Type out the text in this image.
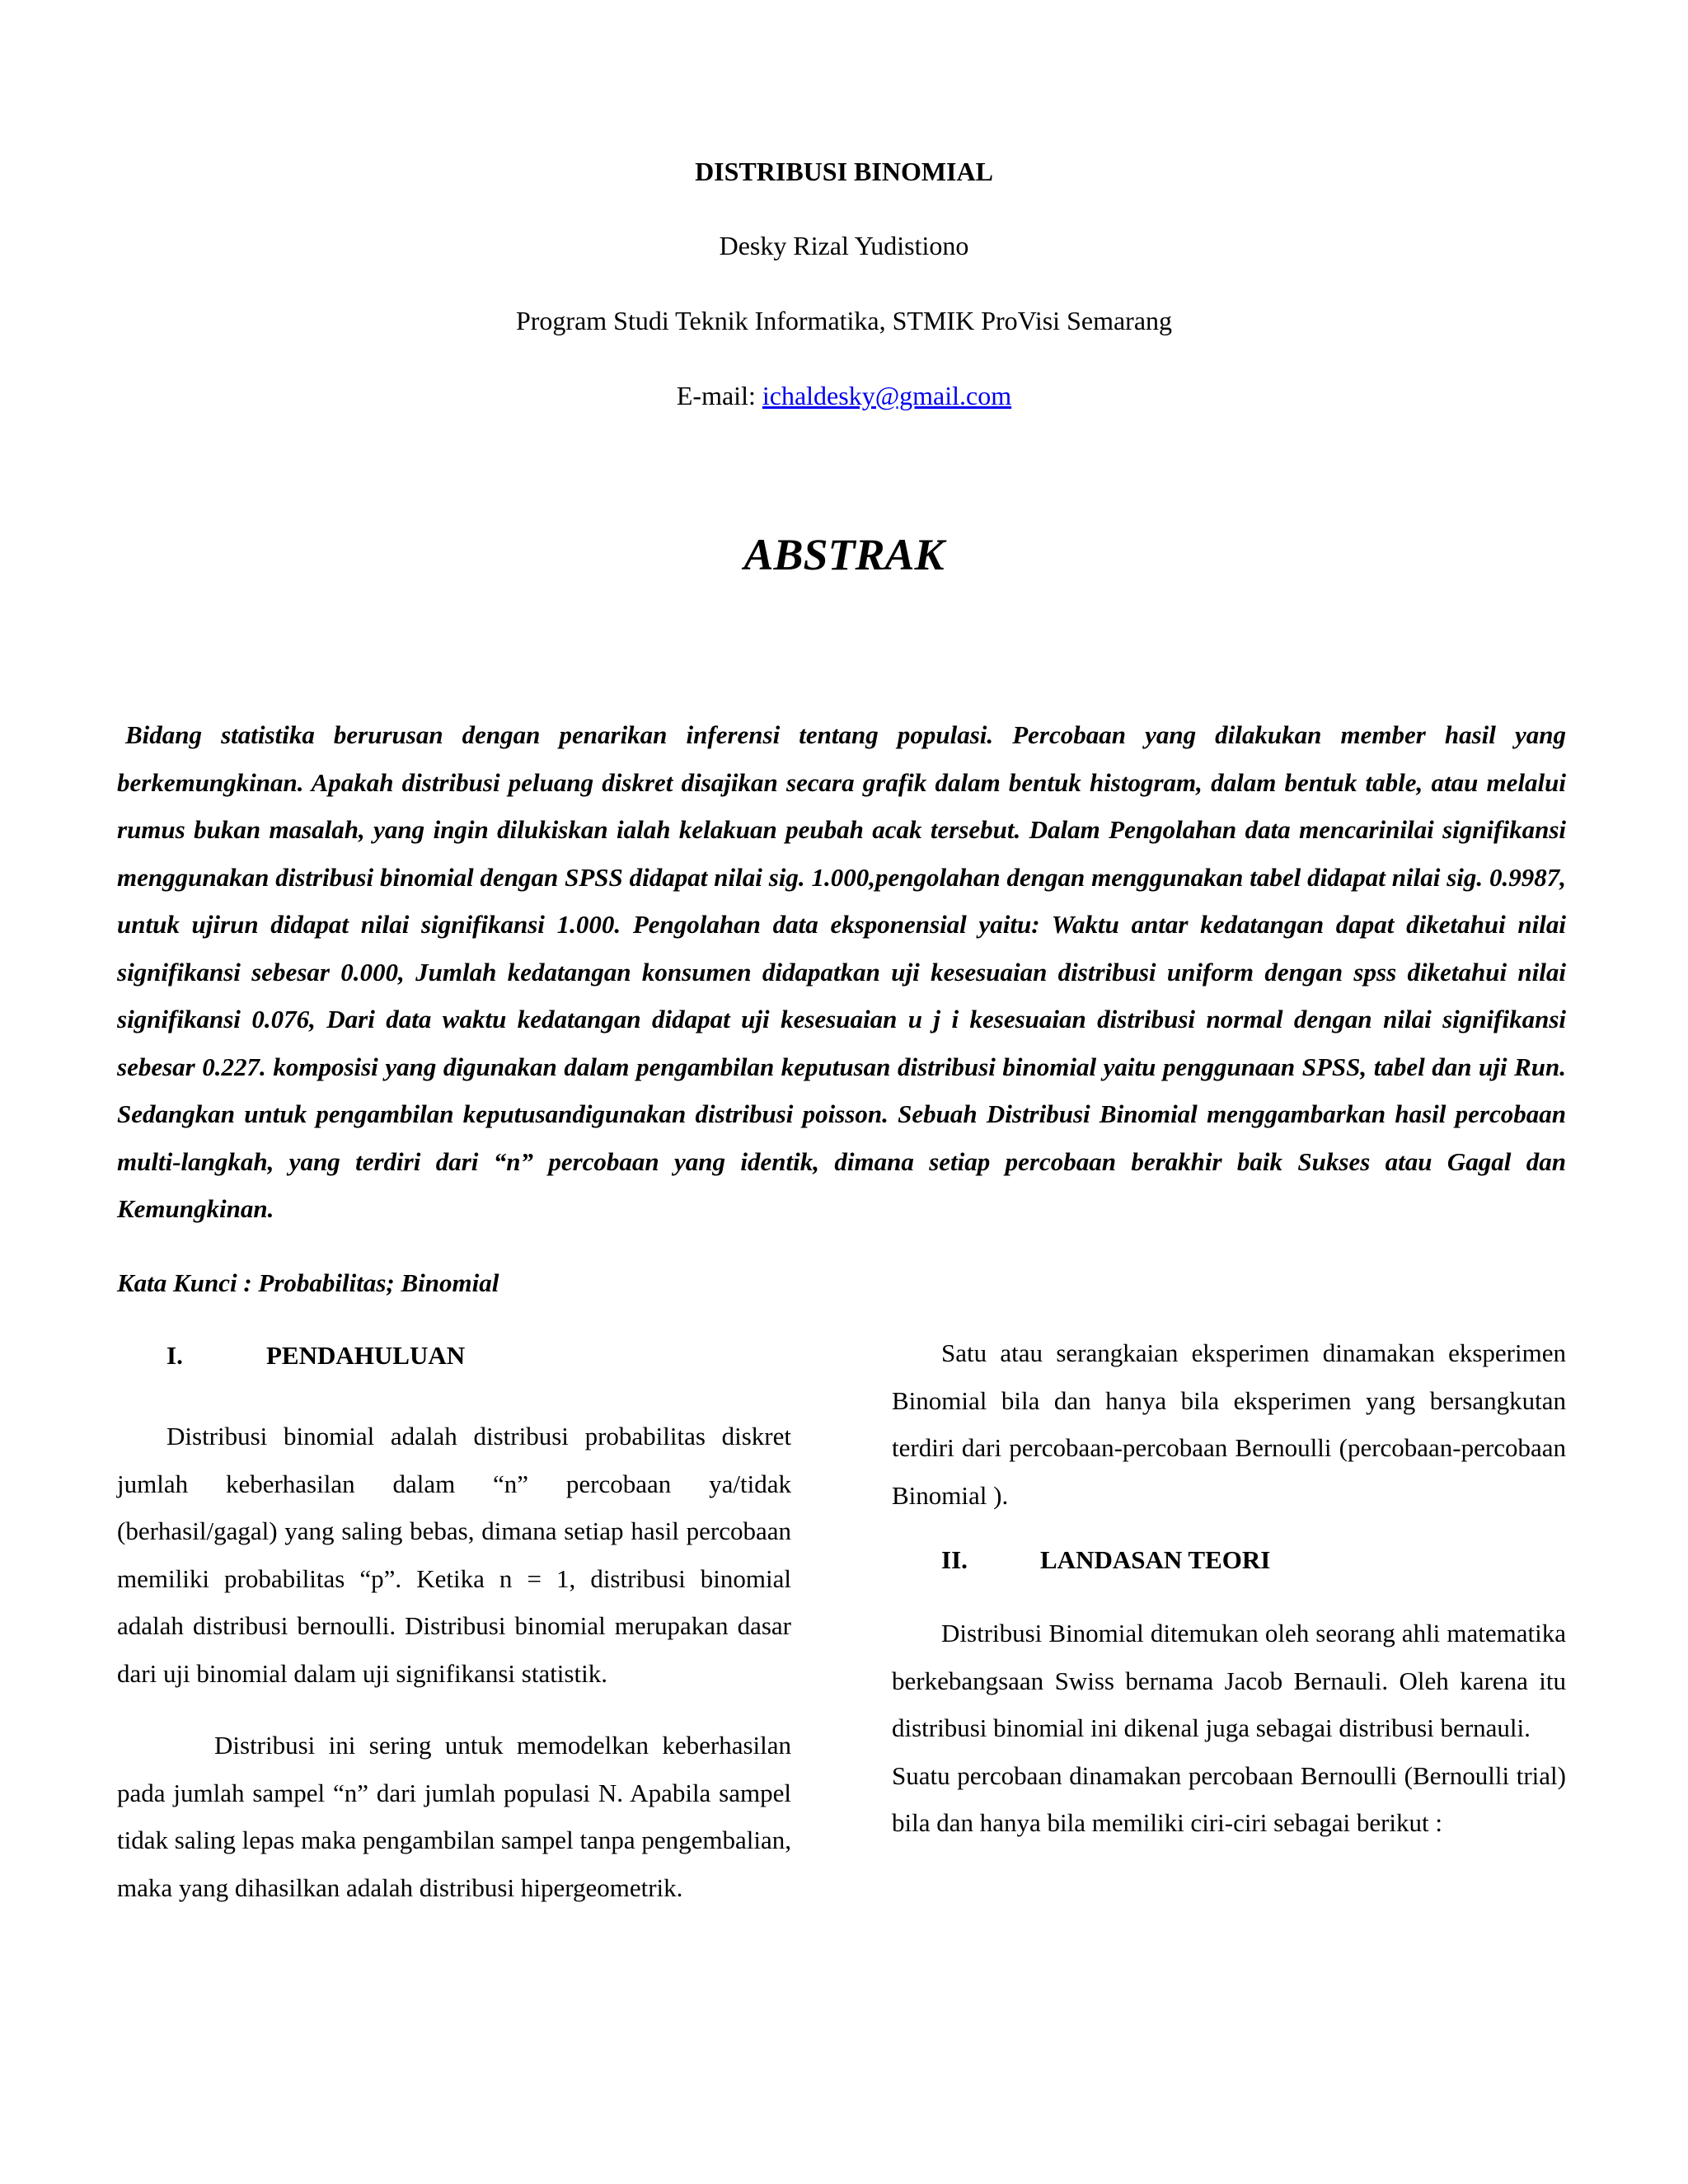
DISTRIBUSI BINOMIAL

Desky Rizal Yudistiono

Program Studi Teknik Informatika, STMIK ProVisi Semarang

E-mail: ichaldesky@gmail.com

ABSTRAK

Bidang statistika berurusan dengan penarikan inferensi tentang populasi. Percobaan yang dilakukan member hasil yang berkemungkinan. Apakah distribusi peluang diskret disajikan secara grafik dalam bentuk histogram, dalam bentuk table, atau melalui rumus bukan masalah, yang ingin dilukiskan ialah kelakuan peubah acak tersebut. Dalam Pengolahan data mencarinilai signifikansi menggunakan distribusi binomial dengan SPSS didapat nilai sig. 1.000,pengolahan dengan menggunakan tabel didapat nilai sig. 0.9987, untuk ujirun didapat nilai signifikansi 1.000. Pengolahan data eksponensial yaitu: Waktu antar kedatangan dapat diketahui nilai signifikansi sebesar 0.000, Jumlah kedatangan konsumen didapatkan uji kesesuaian distribusi uniform dengan spss diketahui nilai signifikansi 0.076, Dari data waktu kedatangan didapat uji kesesuaian u j i kesesuaian distribusi normal dengan nilai signifikansi sebesar 0.227. komposisi yang digunakan dalam pengambilan keputusan distribusi binomial yaitu penggunaan SPSS, tabel dan uji Run. Sedangkan untuk pengambilan keputusandigunakan distribusi poisson. Sebuah Distribusi Binomial menggambarkan hasil percobaan multi-langkah, yang terdiri dari “n” percobaan yang identik, dimana setiap percobaan berakhir baik Sukses atau Gagal dan Kemungkinan.

Kata Kunci : Probabilitas; Binomial

I.	PENDAHULUAN

Distribusi binomial adalah distribusi probabilitas diskret jumlah keberhasilan dalam “n” percobaan ya/tidak (berhasil/gagal) yang saling bebas, dimana setiap hasil percobaan memiliki probabilitas “p”. Ketika n = 1, distribusi binomial adalah distribusi bernoulli. Distribusi binomial merupakan dasar dari uji binomial dalam uji signifikansi statistik.

Distribusi ini sering untuk memodelkan keberhasilan pada jumlah sampel “n” dari jumlah populasi N. Apabila sampel tidak saling lepas maka pengambilan sampel tanpa pengembalian, maka yang dihasilkan adalah distribusi hipergeometrik.

Satu atau serangkaian eksperimen dinamakan eksperimen Binomial bila dan hanya bila eksperimen yang bersangkutan terdiri dari percobaan-percobaan Bernoulli (percobaan-percobaan Binomial ).

II.	LANDASAN TEORI

Distribusi Binomial ditemukan oleh seorang ahli matematika berkebangsaan Swiss bernama Jacob Bernauli. Oleh karena itu distribusi binomial ini dikenal juga sebagai distribusi bernauli.

Suatu percobaan dinamakan percobaan Bernoulli (Bernoulli trial) bila dan hanya bila memiliki ciri-ciri sebagai berikut :
